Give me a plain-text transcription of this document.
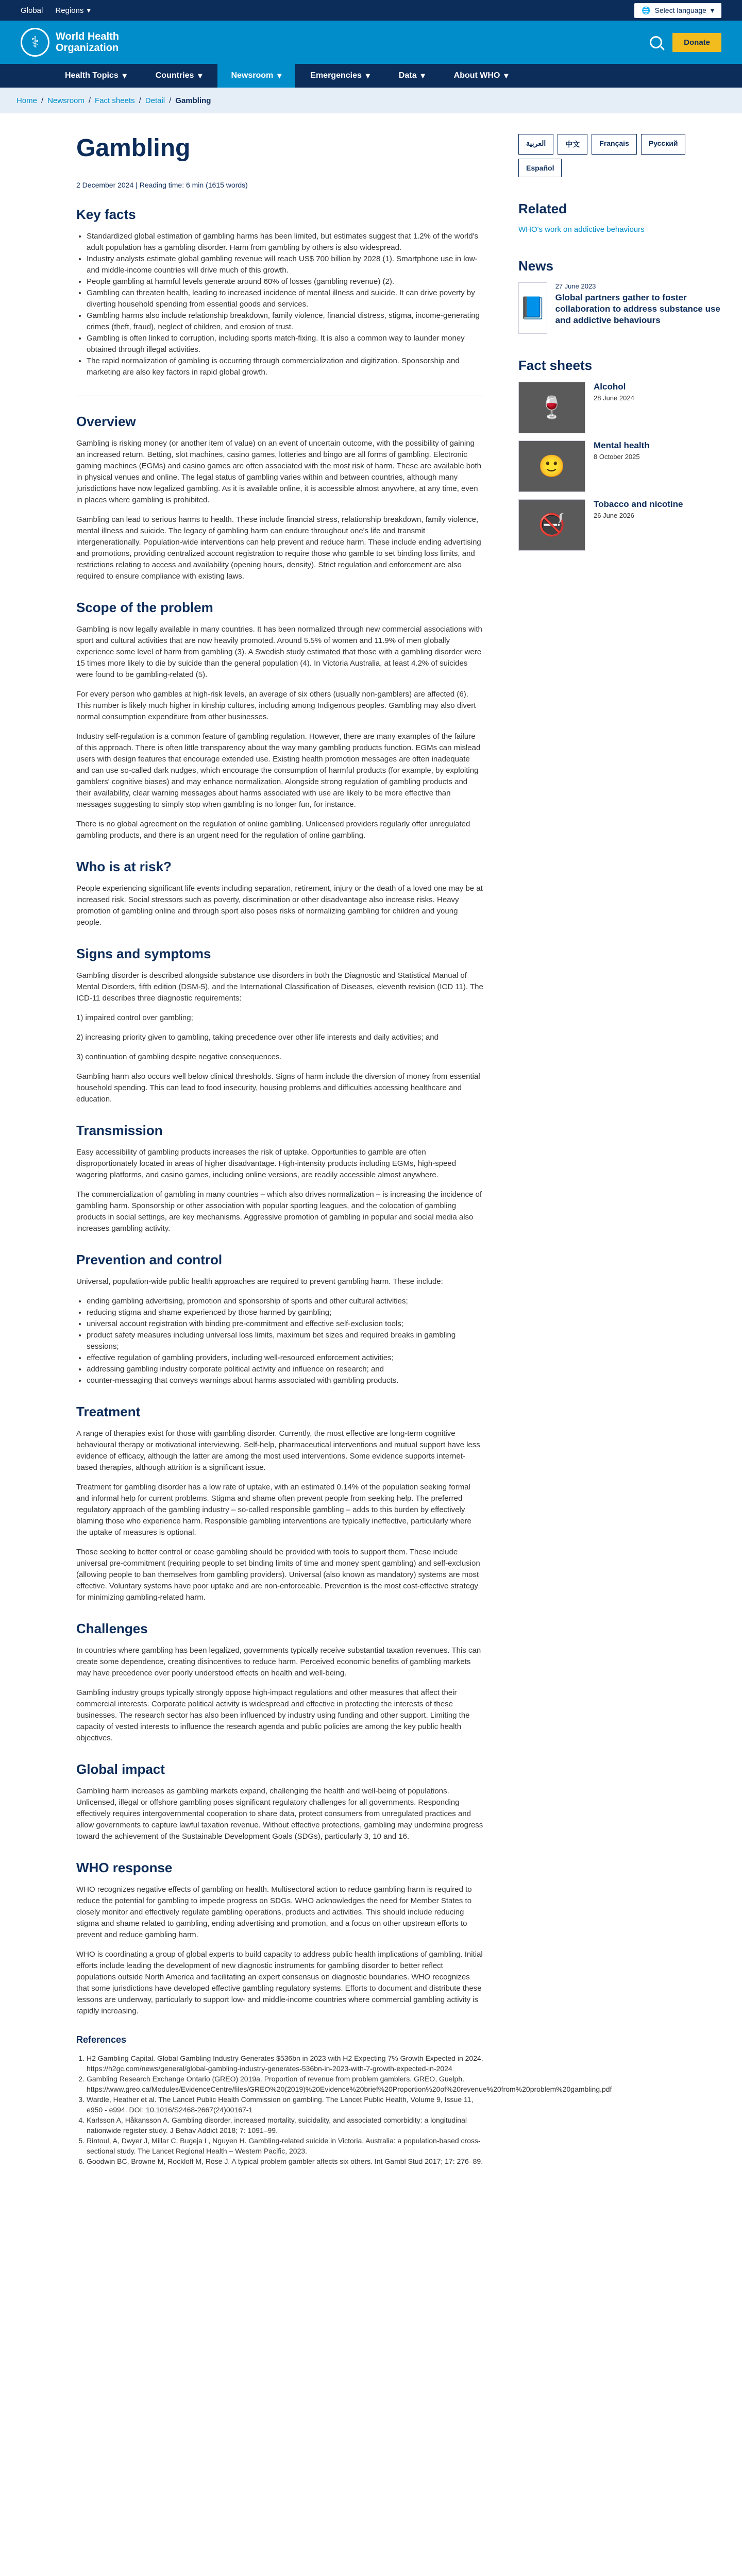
Global Regions ▾	🌐 Select language ▾
⚕	World Health
Organization	Donate
Health Topics ▾	Countries ▾	Newsroom ▾	Emergencies ▾	Data ▾	About WHO ▾
Home / Newsroom / Fact sheets / Detail / Gambling
Gambling
2 December 2024 | Reading time: 6 min (1615 words)
Key facts
• Standardized global estimation of gambling harms has been limited, but estimates suggest that 1.2% of the world's adult population has a gambling disorder. Harm from gambling by others is also widespread.
• Industry analysts estimate global gambling revenue will reach US$ 700 billion by 2028 (1). Smartphone use in low- and middle-income countries will drive much of this growth.
• People gambling at harmful levels generate around 60% of losses (gambling revenue) (2).
• Gambling can threaten health, leading to increased incidence of mental illness and suicide. It can drive poverty by diverting household spending from essential goods and services.
• Gambling harms also include relationship breakdown, family violence, financial distress, stigma, income-generating crimes (theft, fraud), neglect of children, and erosion of trust.
• Gambling is often linked to corruption, including sports match-fixing. It is also a common way to launder money obtained through illegal activities.
• The rapid normalization of gambling is occurring through commercialization and digitization. Sponsorship and marketing are also key factors in rapid global growth.
Overview

Gambling is risking money (or another item of value) on an event of uncertain outcome, with the possibility of gaining an increased return. Betting, slot machines, casino games, lotteries and bingo are all forms of gambling. Electronic gaming machines (EGMs) and casino games are often associated with the most risk of harm. These are available both in physical venues and online. The legal status of gambling varies within and between countries, although many jurisdictions have now legalized gambling. As it is available online, it is accessible almost anywhere, at any time, even in places where gambling is prohibited.

Gambling can lead to serious harms to health. These include financial stress, relationship breakdown, family violence, mental illness and suicide. The legacy of gambling harm can endure throughout one's life and transmit intergenerationally. Population-wide interventions can help prevent and reduce harm. These include ending advertising and promotions, providing centralized account registration to require those who gamble to set binding loss limits, and restrictions relating to access and availability (opening hours, density). Strict regulation and enforcement are also required to ensure compliance with existing laws.

Scope of the problem

Gambling is now legally available in many countries. It has been normalized through new commercial associations with sport and cultural activities that are now heavily promoted. Around 5.5% of women and 11.9% of men globally experience some level of harm from gambling (3). A Swedish study estimated that those with a gambling disorder were 15 times more likely to die by suicide than the general population (4). In Victoria Australia, at least 4.2% of suicides were found to be gambling-related (5).

For every person who gambles at high-risk levels, an average of six others (usually non-gamblers) are affected (6). This number is likely much higher in kinship cultures, including among Indigenous peoples. Gambling may also divert normal consumption expenditure from other businesses.

Industry self-regulation is a common feature of gambling regulation. However, there are many examples of the failure of this approach. There is often little transparency about the way many gambling products function. EGMs can mislead users with design features that encourage extended use. Existing health promotion messages are often inadequate and can use so-called dark nudges, which encourage the consumption of harmful products (for example, by exploiting gamblers' cognitive biases) and may enhance normalization. Alongside strong regulation of gambling products and their availability, clear warning messages about harms associated with use are likely to be more effective than messages suggesting to simply stop when gambling is no longer fun, for instance.

There is no global agreement on the regulation of online gambling. Unlicensed providers regularly offer unregulated gambling products, and there is an urgent need for the regulation of online gambling.

Who is at risk?

People experiencing significant life events including separation, retirement, injury or the death of a loved one may be at increased risk. Social stressors such as poverty, discrimination or other disadvantage also increase risks. Heavy promotion of gambling online and through sport also poses risks of normalizing gambling for children and young people.

Signs and symptoms

Gambling disorder is described alongside substance use disorders in both the Diagnostic and Statistical Manual of Mental Disorders, fifth edition (DSM-5), and the International Classification of Diseases, eleventh revision (ICD 11). The ICD-11 describes three diagnostic requirements:

1) impaired control over gambling;

2) increasing priority given to gambling, taking precedence over other life interests and daily activities; and

3) continuation of gambling despite negative consequences.

Gambling harm also occurs well below clinical thresholds. Signs of harm include the diversion of money from essential household spending. This can lead to food insecurity, housing problems and difficulties accessing healthcare and education.

Transmission

Easy accessibility of gambling products increases the risk of uptake. Opportunities to gamble are often disproportionately located in areas of higher disadvantage. High-intensity products including EGMs, high-speed wagering platforms, and casino games, including online versions, are readily accessible almost anywhere.

The commercialization of gambling in many countries – which also drives normalization – is increasing the incidence of gambling harm. Sponsorship or other association with popular sporting leagues, and the colocation of gambling products in social settings, are key mechanisms. Aggressive promotion of gambling in popular and social media also increases gambling activity.

Prevention and control

Universal, population-wide public health approaches are required to prevent gambling harm. These include:

• ending gambling advertising, promotion and sponsorship of sports and other cultural activities;
• reducing stigma and shame experienced by those harmed by gambling;
• universal account registration with binding pre-commitment and effective self-exclusion tools;
• product safety measures including universal loss limits, maximum bet sizes and required breaks in gambling sessions;
• effective regulation of gambling providers, including well-resourced enforcement activities;
• addressing gambling industry corporate political activity and influence on research; and
• counter-messaging that conveys warnings about harms associated with gambling products.
Treatment

A range of therapies exist for those with gambling disorder. Currently, the most effective are long-term cognitive behavioural therapy or motivational interviewing. Self-help, pharmaceutical interventions and mutual support have less evidence of efficacy, although the latter are among the most used interventions. Some evidence supports internet-based therapies, although attrition is a significant issue.

Treatment for gambling disorder has a low rate of uptake, with an estimated 0.14% of the population seeking formal and informal help for current problems. Stigma and shame often prevent people from seeking help. The preferred regulatory approach of the gambling industry – so-called responsible gambling – adds to this burden by effectively blaming those who experience harm. Responsible gambling interventions are typically ineffective, particularly where the uptake of measures is optional.

Those seeking to better control or cease gambling should be provided with tools to support them. These include universal pre-commitment (requiring people to set binding limits of time and money spent gambling) and self-exclusion (allowing people to ban themselves from gambling providers). Universal (also known as mandatory) systems are most effective. Voluntary systems have poor uptake and are non-enforceable. Prevention is the most cost-effective strategy for minimizing gambling-related harm.

Challenges

In countries where gambling has been legalized, governments typically receive substantial taxation revenues. This can create some dependence, creating disincentives to reduce harm. Perceived economic benefits of gambling markets may have precedence over poorly understood effects on health and well-being.

Gambling industry groups typically strongly oppose high-impact regulations and other measures that affect their commercial interests. Corporate political activity is widespread and effective in protecting the interests of these businesses. The research sector has also been influenced by industry using funding and other support. Limiting the capacity of vested interests to influence the research agenda and public policies are among the key public health objectives.

Global impact

Gambling harm increases as gambling markets expand, challenging the health and well-being of populations. Unlicensed, illegal or offshore gambling poses significant regulatory challenges for all governments. Responding effectively requires intergovernmental cooperation to share data, protect consumers from unregulated practices and allow governments to capture lawful taxation revenue. Without effective protections, gambling may undermine progress toward the achievement of the Sustainable Development Goals (SDGs), particularly 3, 10 and 16.

WHO response

WHO recognizes negative effects of gambling on health. Multisectoral action to reduce gambling harm is required to reduce the potential for gambling to impede progress on SDGs. WHO acknowledges the need for Member States to closely monitor and effectively regulate gambling operations, products and activities. This should include reducing stigma and shame related to gambling, ending advertising and promotion, and a focus on other upstream efforts to prevent and reduce gambling harm.

WHO is coordinating a group of global experts to build capacity to address public health implications of gambling. Initial efforts include leading the development of new diagnostic instruments for gambling disorder to better reflect populations outside North America and facilitating an expert consensus on diagnostic boundaries. WHO recognizes that some jurisdictions have developed effective gambling regulatory systems. Efforts to document and distribute these lessons are underway, particularly to support low- and middle-income countries where commercial gambling activity is rapidly increasing.

References
1. H2 Gambling Capital. Global Gambling Industry Generates $536bn in 2023 with H2 Expecting 7% Growth Expected in 2024. https://h2gc.com/news/general/global-gambling-industry-generates-536bn-in-2023-with-7-growth-expected-in-2024
2. Gambling Research Exchange Ontario (GREO) 2019a. Proportion of revenue from problem gamblers. GREO, Guelph. https://www.greo.ca/Modules/EvidenceCentre/files/GREO%20(2019)%20Evidence%20brief%20Proportion%20of%20revenue%20from%20problem%20gambling.pdf
3. Wardle, Heather et al. The Lancet Public Health Commission on gambling. The Lancet Public Health, Volume 9, Issue 11, e950 - e994. DOI: 10.1016/S2468-2667(24)00167-1
4. Karlsson A, Håkansson A. Gambling disorder, increased mortality, suicidality, and associated comorbidity: a longitudinal nationwide register study. J Behav Addict 2018; 7: 1091–99.
5. Rintoul, A, Dwyer J, Millar C, Bugeja L, Nguyen H. Gambling-related suicide in Victoria, Australia: a population-based cross-sectional study. The Lancet Regional Health – Western Pacific, 2023.
6. Goodwin BC, Browne M, Rockloff M, Rose J. A typical problem gambler affects six others. Int Gambl Stud 2017; 17: 276–89.
العربية	中文	Français	Русский
Español
Related
WHO's work on addictive behaviours
News
📘
27 June 2023
Global partners gather to foster collaboration to address substance use and addictive behaviours
Fact sheets
🍷
Alcohol
28 June 2024
🙂
Mental health
8 October 2025
🚭
Tobacco and nicotine
26 June 2026
